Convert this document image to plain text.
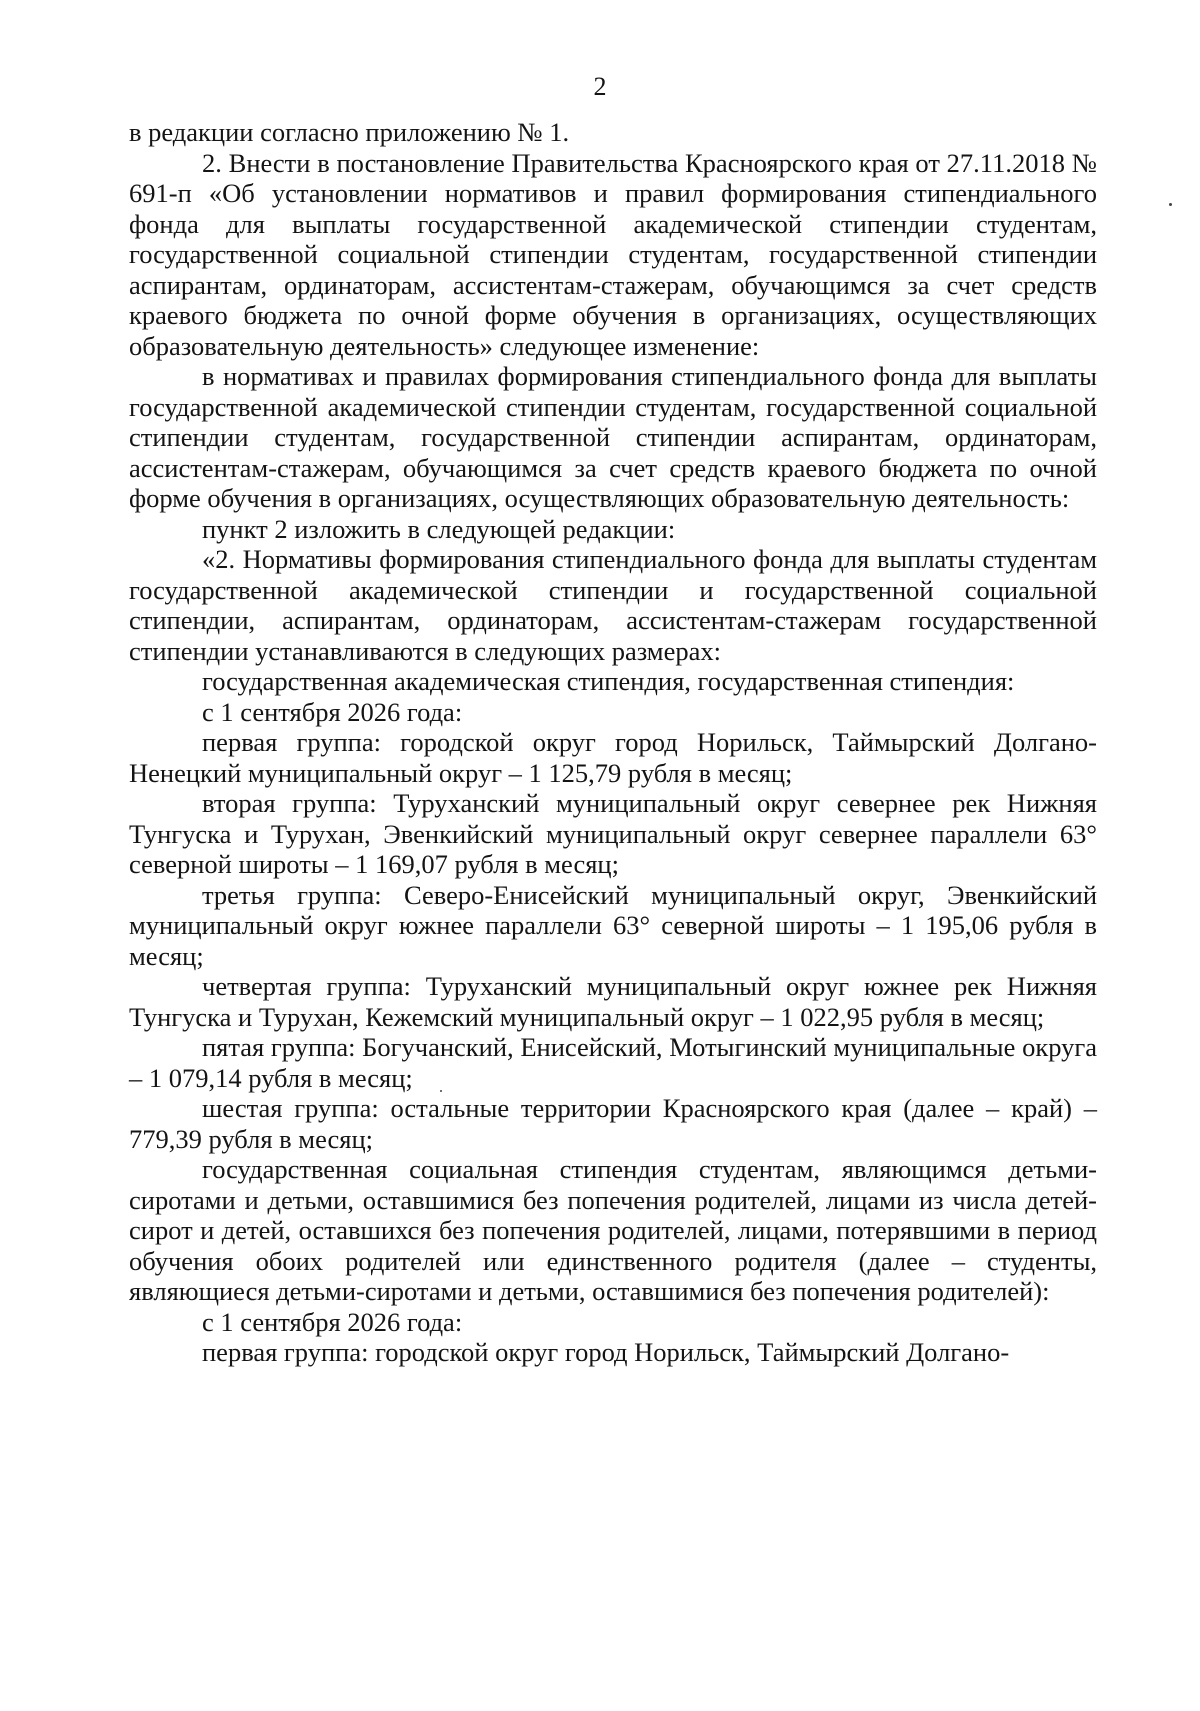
2

в редакции согласно приложению № 1.

2. Внести в постановление Правительства Красноярского края от 27.11.2018 № 691-п «Об установлении нормативов и правил формирования стипендиального фонда для выплаты государственной академической стипендии студентам, государственной социальной стипендии студентам, государственной стипендии аспирантам, ординаторам, ассистентам-стажерам, обучающимся за счет средств краевого бюджета по очной форме обучения в организациях, осуществляющих образовательную деятельность» следующее изменение:

в нормативах и правилах формирования стипендиального фонда для выплаты государственной академической стипендии студентам, государственной социальной стипендии студентам, государственной стипендии аспирантам, ординаторам, ассистентам-стажерам, обучающимся за счет средств краевого бюджета по очной форме обучения в организациях, осуществляющих образовательную деятельность:

пункт 2 изложить в следующей редакции:

«2. Нормативы формирования стипендиального фонда для выплаты студентам государственной академической стипендии и государственной социальной стипендии, аспирантам, ординаторам, ассистентам-стажерам государственной стипендии устанавливаются в следующих размерах:

государственная академическая стипендия, государственная стипендия:

с 1 сентября 2026 года:

первая группа: городской округ город Норильск, Таймырский Долгано-Ненецкий муниципальный округ – 1 125,79 рубля в месяц;

вторая группа: Туруханский муниципальный округ севернее рек Нижняя Тунгуска и Турухан, Эвенкийский муниципальный округ севернее параллели 63° северной широты – 1 169,07 рубля в месяц;

третья группа: Северо-Енисейский муниципальный округ, Эвенкийский муниципальный округ южнее параллели 63° северной широты – 1 195,06 рубля в месяц;

четвертая группа: Туруханский муниципальный округ южнее рек Нижняя Тунгуска и Турухан, Кежемский муниципальный округ – 1 022,95 рубля в месяц;

пятая группа: Богучанский, Енисейский, Мотыгинский муниципальные округа – 1 079,14 рубля в месяц;

шестая группа: остальные территории Красноярского края (далее – край) – 779,39 рубля в месяц;

государственная социальная стипендия студентам, являющимся детьми-сиротами и детьми, оставшимися без попечения родителей, лицами из числа детей-сирот и детей, оставшихся без попечения родителей, лицами, потерявшими в период обучения обоих родителей или единственного родителя (далее – студенты, являющиеся детьми-сиротами и детьми, оставшимися без попечения родителей):

с 1 сентября 2026 года:

первая группа: городской округ город Норильск, Таймырский Долгано-
